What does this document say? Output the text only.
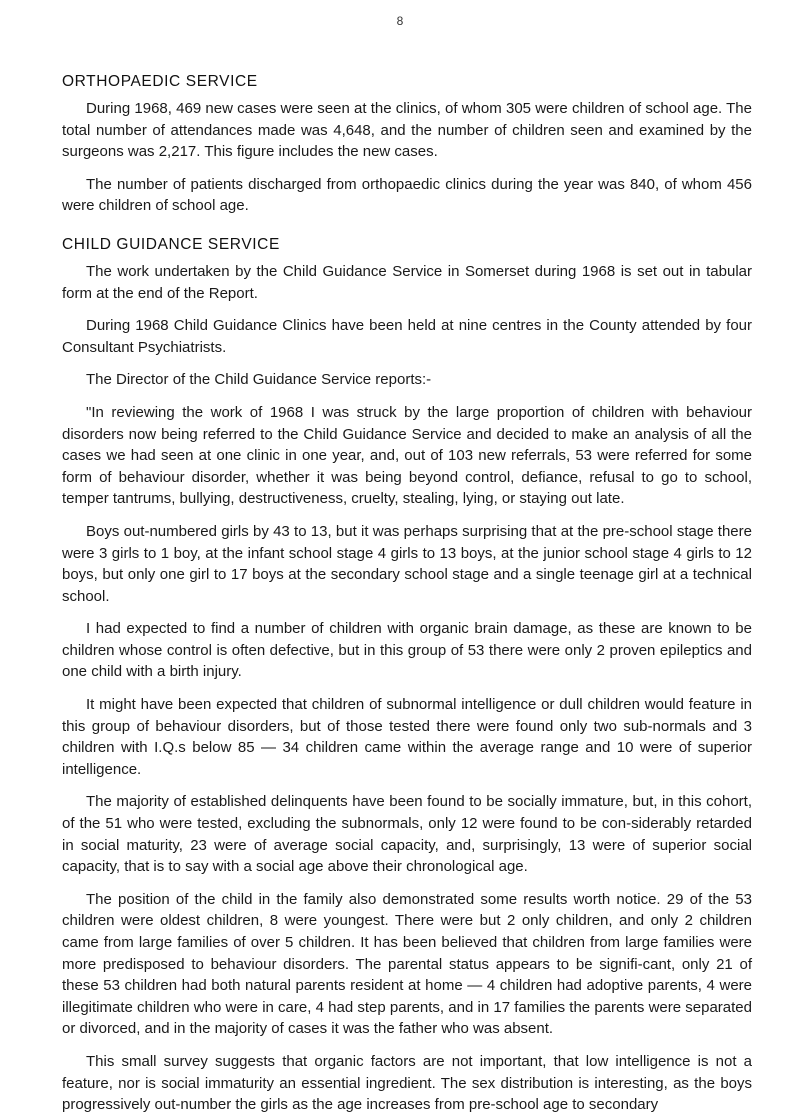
8
ORTHOPAEDIC SERVICE

During 1968, 469 new cases were seen at the clinics, of whom 305 were children of school age. The total number of attendances made was 4,648, and the number of children seen and examined by the surgeons was 2,217. This figure includes the new cases.

The number of patients discharged from orthopaedic clinics during the year was 840, of whom 456 were children of school age.

CHILD GUIDANCE SERVICE

The work undertaken by the Child Guidance Service in Somerset during 1968 is set out in tabular form at the end of the Report.

During 1968 Child Guidance Clinics have been held at nine centres in the County attended by four Consultant Psychiatrists.

The Director of the Child Guidance Service reports:-

"In reviewing the work of 1968 I was struck by the large proportion of children with behaviour disorders now being referred to the Child Guidance Service and decided to make an analysis of all the cases we had seen at one clinic in one year, and, out of 103 new referrals, 53 were referred for some form of behaviour disorder, whether it was being beyond control, defiance, refusal to go to school, temper tantrums, bullying, destructiveness, cruelty, stealing, lying, or staying out late.

Boys out-numbered girls by 43 to 13, but it was perhaps surprising that at the pre-school stage there were 3 girls to 1 boy, at the infant school stage 4 girls to 13 boys, at the junior school stage 4 girls to 12 boys, but only one girl to 17 boys at the secondary school stage and a single teenage girl at a technical school.

I had expected to find a number of children with organic brain damage, as these are known to be children whose control is often defective, but in this group of 53 there were only 2 proven epileptics and one child with a birth injury.

It might have been expected that children of subnormal intelligence or dull children would feature in this group of behaviour disorders, but of those tested there were found only two sub-normals and 3 children with I.Q.s below 85 — 34 children came within the average range and 10 were of superior intelligence.

The majority of established delinquents have been found to be socially immature, but, in this cohort, of the 51 who were tested, excluding the subnormals, only 12 were found to be con-siderably retarded in social maturity, 23 were of average social capacity, and, surprisingly, 13 were of superior social capacity, that is to say with a social age above their chronological age.

The position of the child in the family also demonstrated some results worth notice. 29 of the 53 children were oldest children, 8 were youngest. There were but 2 only children, and only 2 children came from large families of over 5 children. It has been believed that children from large families were more predisposed to behaviour disorders. The parental status appears to be signifi-cant, only 21 of these 53 children had both natural parents resident at home — 4 children had adoptive parents, 4 were illegitimate children who were in care, 4 had step parents, and in 17 families the parents were separated or divorced, and in the majority of cases it was the father who was absent.

This small survey suggests that organic factors are not important, that low intelligence is not a feature, nor is social immaturity an essential ingredient. The sex distribution is interesting, as the boys progressively out-number the girls as the age increases from pre-school age to secondary
